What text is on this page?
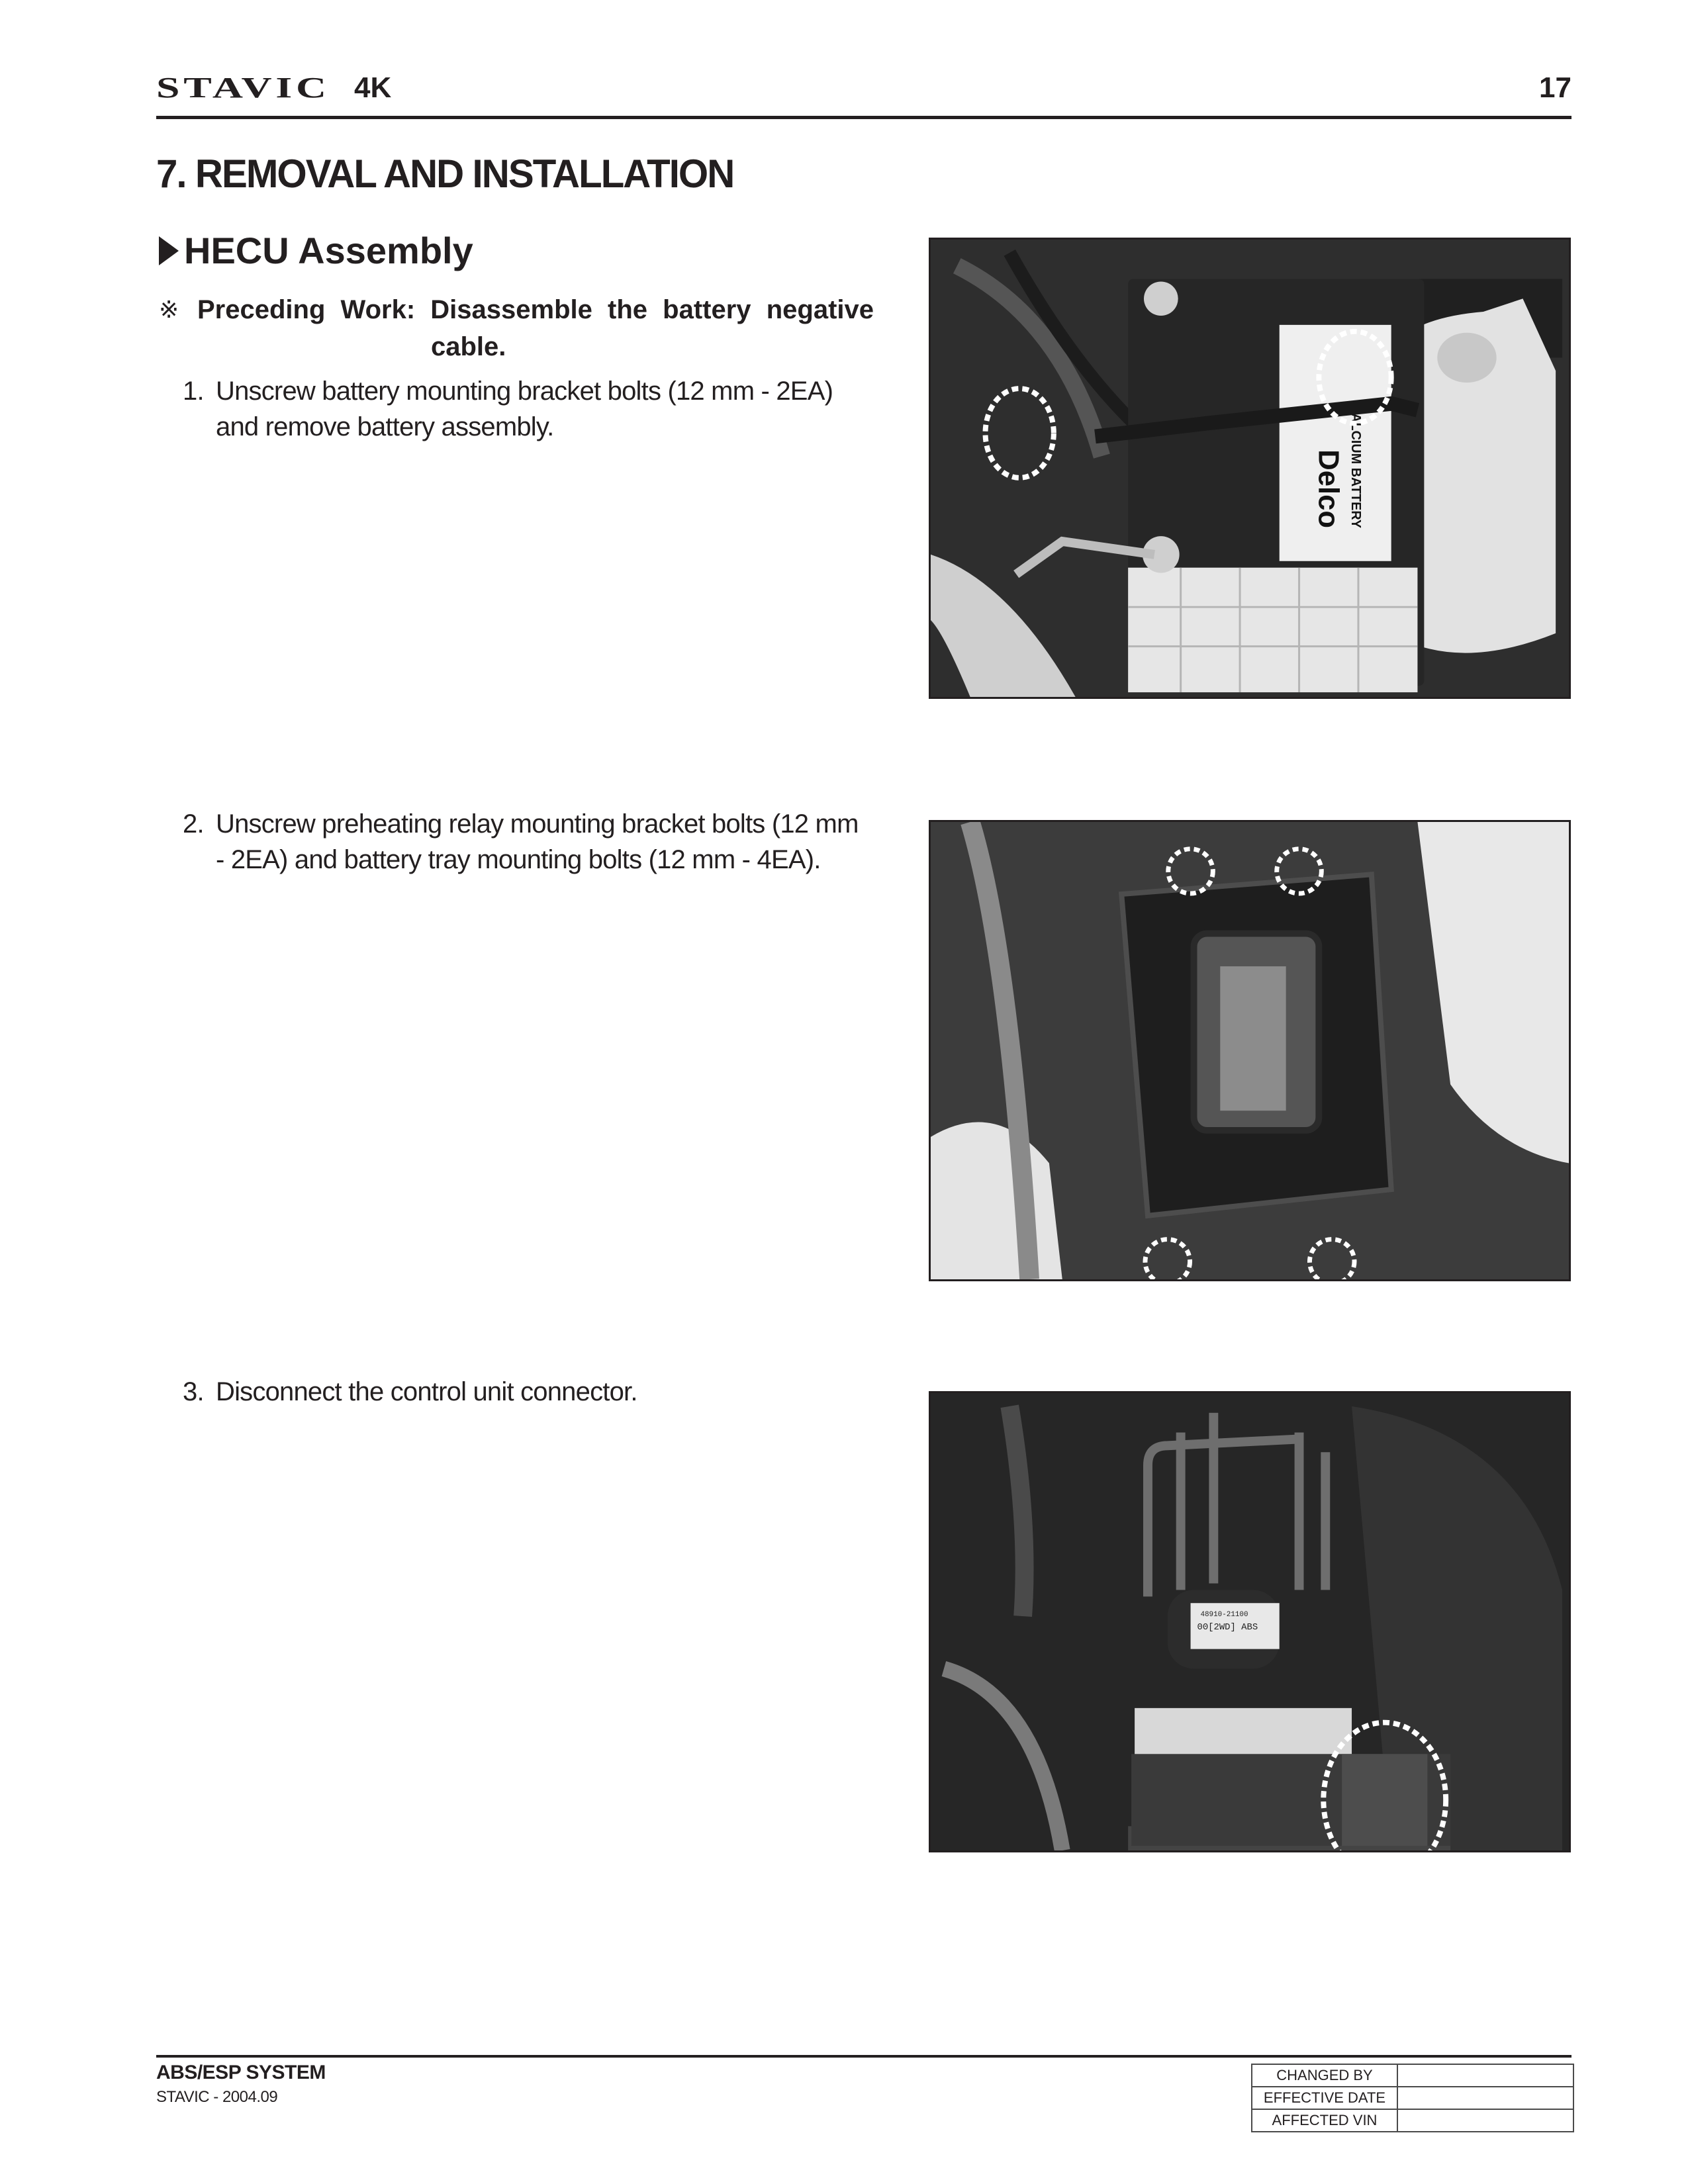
STAVIC 4K	17
7. REMOVAL AND INSTALLATION
HECU Assembly
※ Preceding Work: Disassemble the battery negative
cable.
1. Unscrew battery mounting bracket bolts (12 mm - 2EA)
and remove battery assembly.
2. Unscrew preheating relay mounting bracket bolts (12 mm
- 2EA) and battery tray mounting bolts (12 mm - 4EA).
3. Disconnect the control unit connector.
Delco CALCIUM BATTERY
48910-21100
00[2WD] ABS
ABS/ESP SYSTEM
STAVIC - 2004.09
CHANGED BY	
EFFECTIVE DATE	
AFFECTED VIN	
